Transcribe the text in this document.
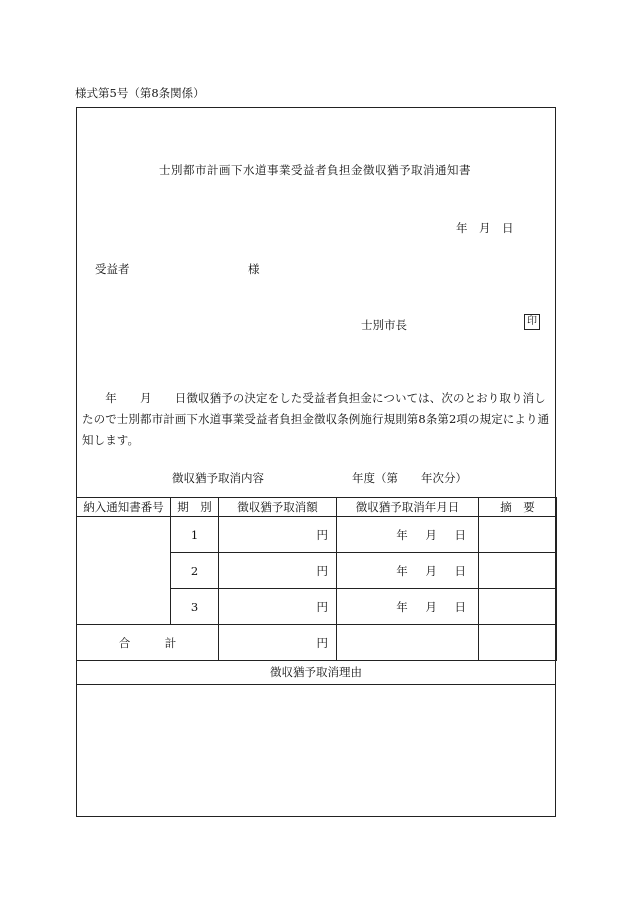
様式第5号（第8条関係）
士別都市計画下水道事業受益者負担金徴収猶予取消通知書
年　月　日
受益者	様
士別市長	印
　　年　　月　　日徴収猶予の決定をした受益者負担金については、次のとおり取り消したので士別都市計画下水道事業受益者負担金徴収条例施行規則第8条第2項の規定により通知します。
徴収猶予取消内容	年度（第　　年次分）
納入通知書番号	期　別	徴収猶予取消額	徴収猶予取消年月日	摘　要
	1	円	年 月 日	
	2	円	年 月 日	
	3	円	年 月 日	
合　　　計		円		
徴収猶予取消理由
